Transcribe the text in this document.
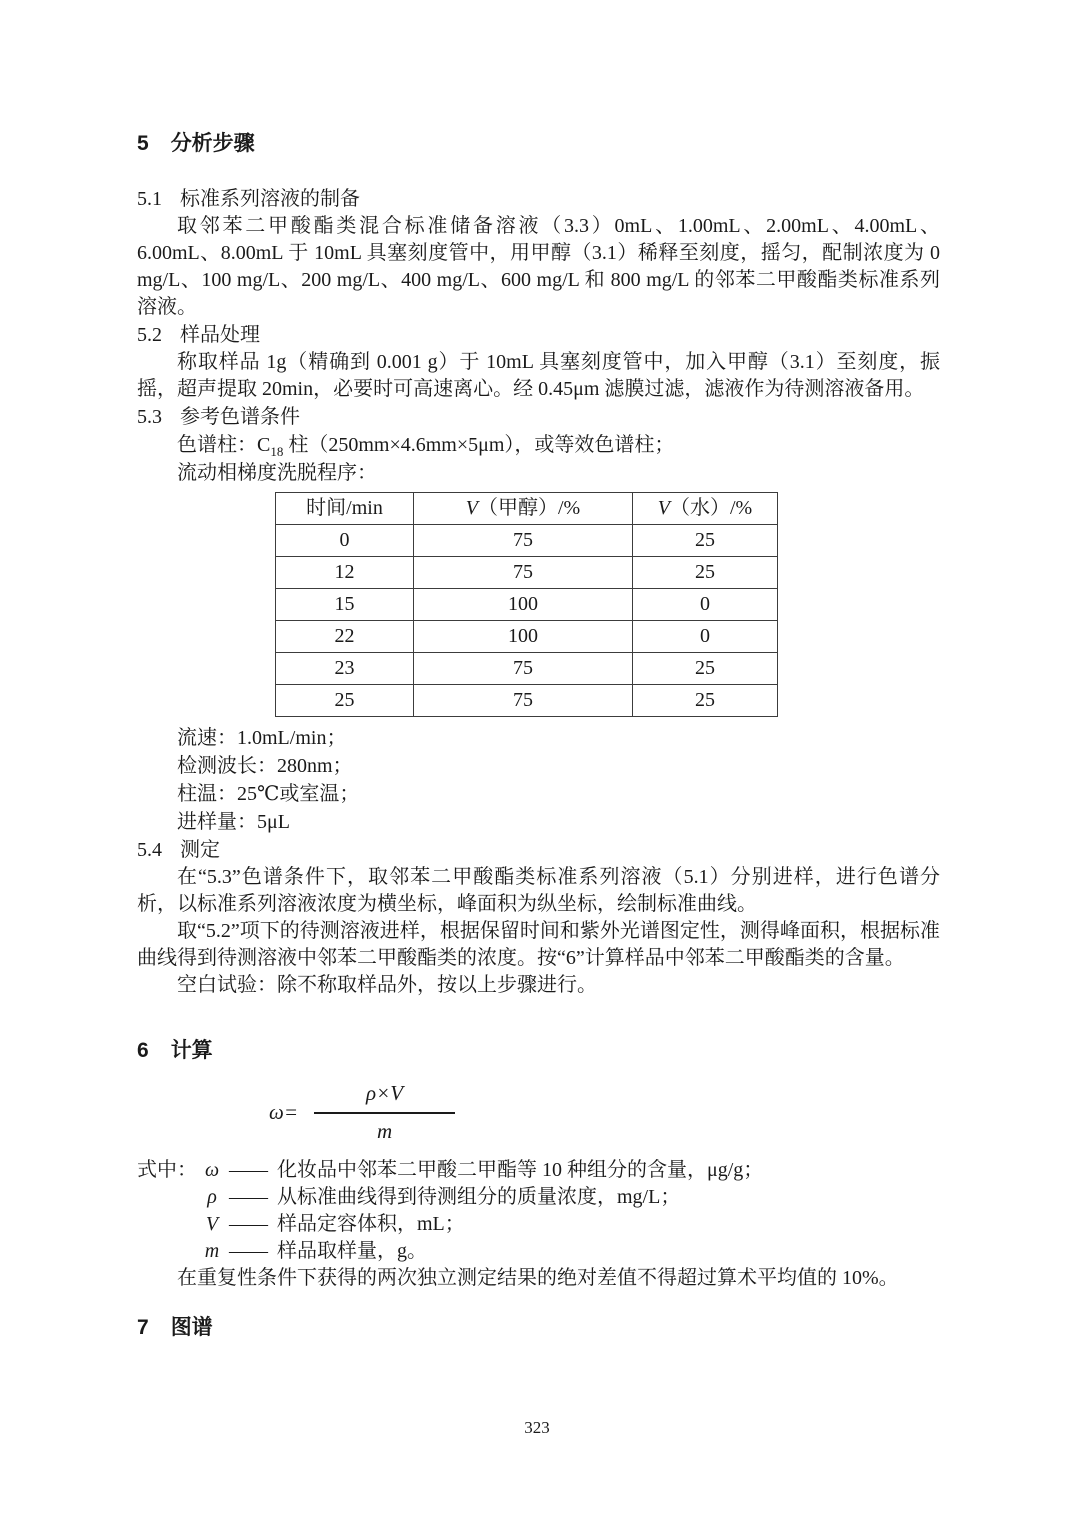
5 分析步骤
5.1 标准系列溶液的制备

取邻苯二甲酸酯类混合标准储备溶液（3.3）0mL、1.00mL、2.00mL、4.00mL、6.00mL、8.00mL 于 10mL 具塞刻度管中，用甲醇（3.1）稀释至刻度，摇匀，配制浓度为 0 mg/L、100 mg/L、200 mg/L、400 mg/L、600 mg/L 和 800 mg/L 的邻苯二甲酸酯类标准系列溶液。

5.2 样品处理

称取样品 1g（精确到 0.001 g）于 10mL 具塞刻度管中，加入甲醇（3.1）至刻度，振摇，超声提取 20min，必要时可高速离心。经 0.45μm 滤膜过滤，滤液作为待测溶液备用。

5.3 参考色谱条件

色谱柱：$C_{18}$ 柱（250mm×4.6mm×5μm），或等效色谱柱；

流动相梯度洗脱程序：

时间/min	V（甲醇）/%	V（水）/%
0	75	25
12	75	25
15	100	0
22	100	0
23	75	25
25	75	25

流速：1.0mL/min；

检测波长：280nm；

柱温：25℃或室温；

进样量：5μL

5.4 测定

在“5.3”色谱条件下，取邻苯二甲酸酯类标准系列溶液（5.1）分别进样，进行色谱分析，以标准系列溶液浓度为横坐标，峰面积为纵坐标，绘制标准曲线。

取“5.2”项下的待测溶液进样，根据保留时间和紫外光谱图定性，测得峰面积，根据标准曲线得到待测溶液中邻苯二甲酸酯类的浓度。按“6”计算样品中邻苯二甲酸酯类的含量。

空白试验：除不称取样品外，按以上步骤进行。

6 计算
$\omega= \frac{\rho\times V}{m}$
式中： ω —— 化妆品中邻苯二甲酸二甲酯等 10 种组分的含量，μg/g；
ρ —— 从标准曲线得到待测组分的质量浓度，mg/L；
V —— 样品定容体积，mL；
m —— 样品取样量，g。

在重复性条件下获得的两次独立测定结果的绝对差值不得超过算术平均值的 10%。

7 图谱
323
